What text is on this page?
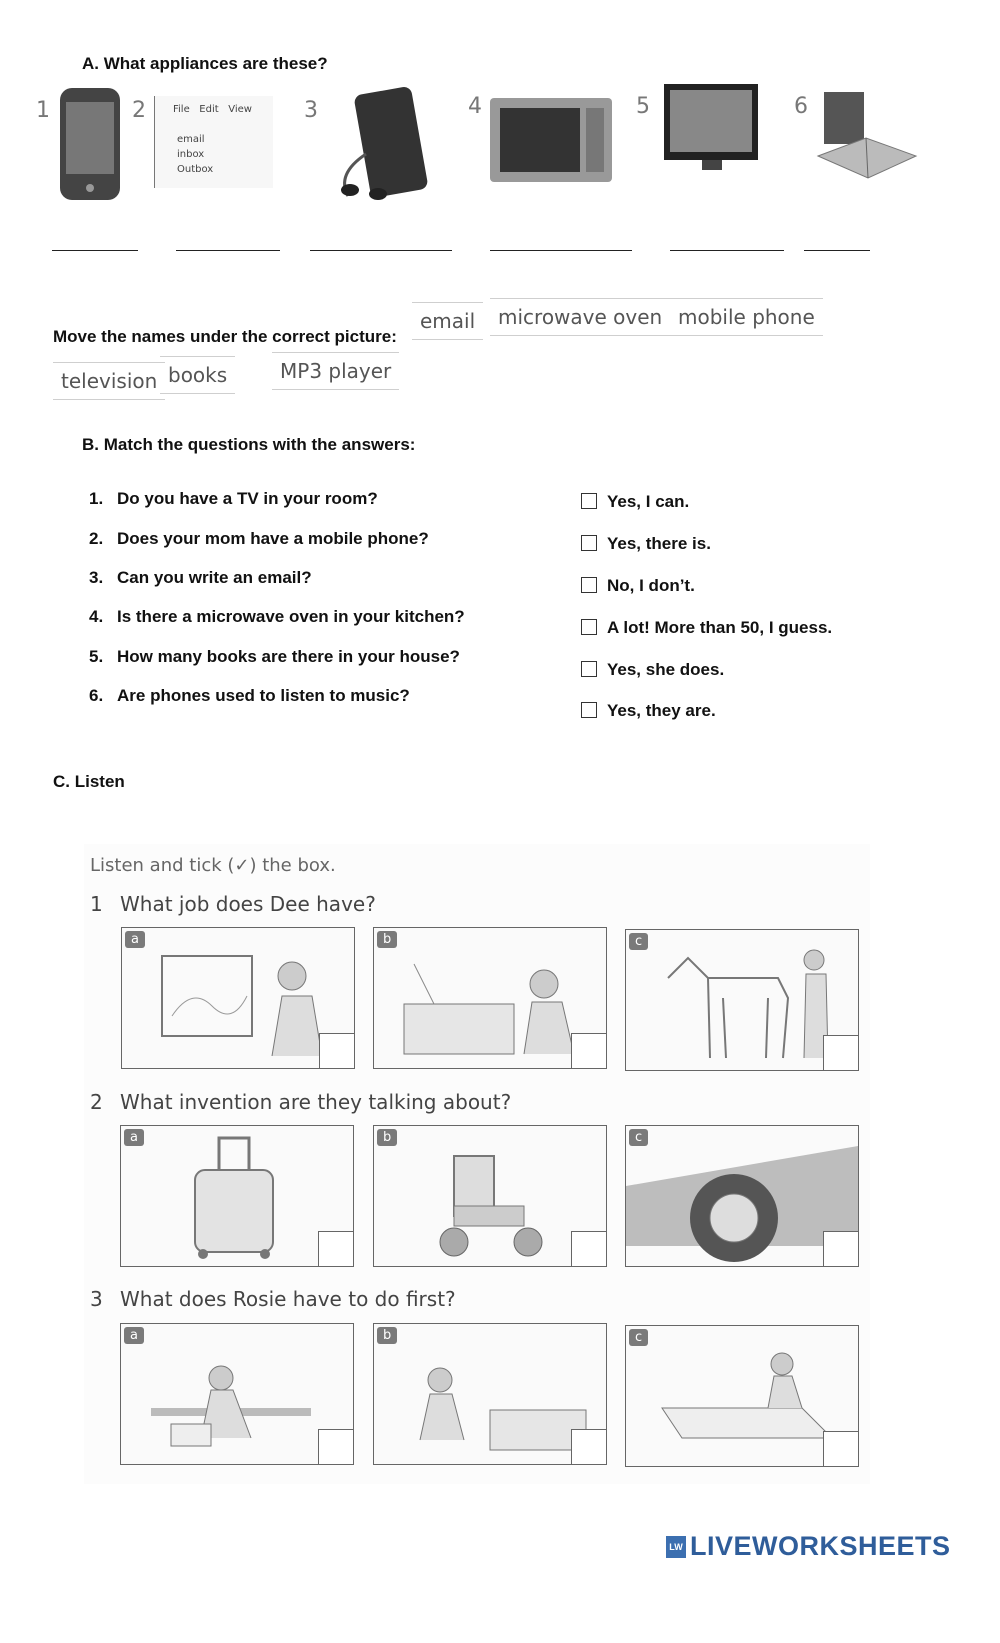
A. What appliances are these?
1	2	File Edit View
email
inbox
Outbox
3	4	5	6
Move the names under the correct picture:
email	microwave oven mobile phone
television books	MP3 player
B. Match the questions with the answers:
1. Do you have a TV in your room?
2. Does your mom have a mobile phone?
3. Can you write an email?
4. Is there a microwave oven in your kitchen?
5. How many books are there in your house?
6. Are phones used to listen to music?
Yes, I can.
Yes, there is.
No, I don’t.
A lot! More than 50, I guess.
Yes, she does.
Yes, they are.
C. Listen
Listen and tick (✓) the box.
1 What job does Dee have?
2 What invention are they talking about?
3 What does Rosie have to do first?
a	b	c
a	b	c
a	b	c
LW LIVEWORKSHEETS
